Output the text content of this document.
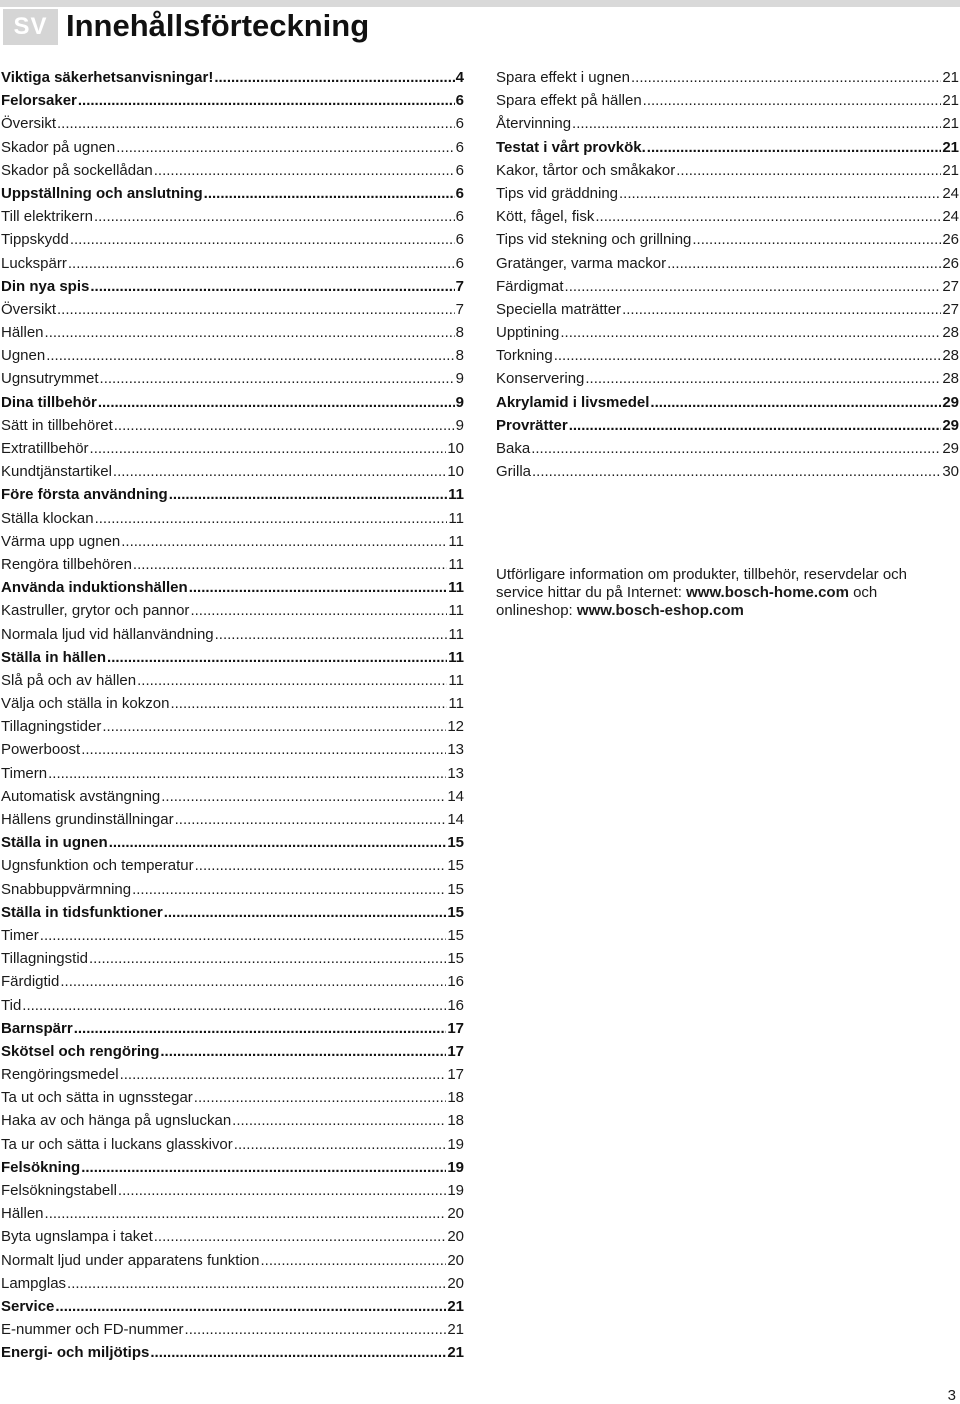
SV Innehållsförteckning
Viktiga säkerhetsanvisningar! .....	4
Felorsaker .....	6
Översikt .....	6
Skador på ugnen .....	6
Skador på sockellådan .....	6
Uppställning och anslutning .....	6
Till elektrikern .....	6
Tippskydd .....	6
Luckspärr .....	6
Din nya spis .....	7
Översikt .....	7
Hällen .....	8
Ugnen .....	8
Ugnsutrymmet .....	9
Dina tillbehör .....	9
Sätt in tillbehöret .....	9
Extratillbehör .....	10
Kundtjänstartikel .....	10
Före första användning .....	11
Ställa klockan .....	11
Värma upp ugnen .....	11
Rengöra tillbehören .....	11
Använda induktionshällen .....	11
Kastruller, grytor och pannor .....	11
Normala ljud vid hällanvändning .....	11
Ställa in hällen .....	11
Slå på och av hällen .....	11
Välja och ställa in kokzon .....	11
Tillagningstider .....	12
Powerboost .....	13
Timern .....	13
Automatisk avstängning .....	14
Hällens grundinställningar .....	14
Ställa in ugnen .....	15
Ugnsfunktion och temperatur .....	15
Snabbuppvärmning .....	15
Ställa in tidsfunktioner .....	15
Timer .....	15
Tillagningstid .....	15
Färdigtid .....	16
Tid .....	16
Barnspärr .....	17
Skötsel och rengöring .....	17
Rengöringsmedel .....	17
Ta ut och sätta in ugnsstegar .....	18
Haka av och hänga på ugnsluckan .....	18
Ta ur och sätta i luckans glasskivor .....	19
Felsökning .....	19
Felsökningstabell .....	19
Hällen .....	20
Byta ugnslampa i taket .....	20
Normalt ljud under apparatens funktion .....	20
Lampglas .....	20
Service .....	21
E-nummer och FD-nummer .....	21
Energi- och miljötips .....	21
Spara effekt i ugnen .....	21
Spara effekt på hällen .....	21
Återvinning .....	21
Testat i vårt provkök. .....	21
Kakor, tårtor och småkakor .....	21
Tips vid gräddning .....	24
Kött, fågel, fisk .....	24
Tips vid stekning och grillning .....	26
Gratänger, varma mackor .....	26
Färdigmat .....	27
Speciella maträtter .....	27
Upptining .....	28
Torkning .....	28
Konservering .....	28
Akrylamid i livsmedel .....	29
Provrätter .....	29
Baka .....	29
Grilla .....	30

Utförligare information om produkter, tillbehör, reservdelar och service hittar du på Internet: www.bosch-home.com och onlineshop: www.bosch-eshop.com

3
